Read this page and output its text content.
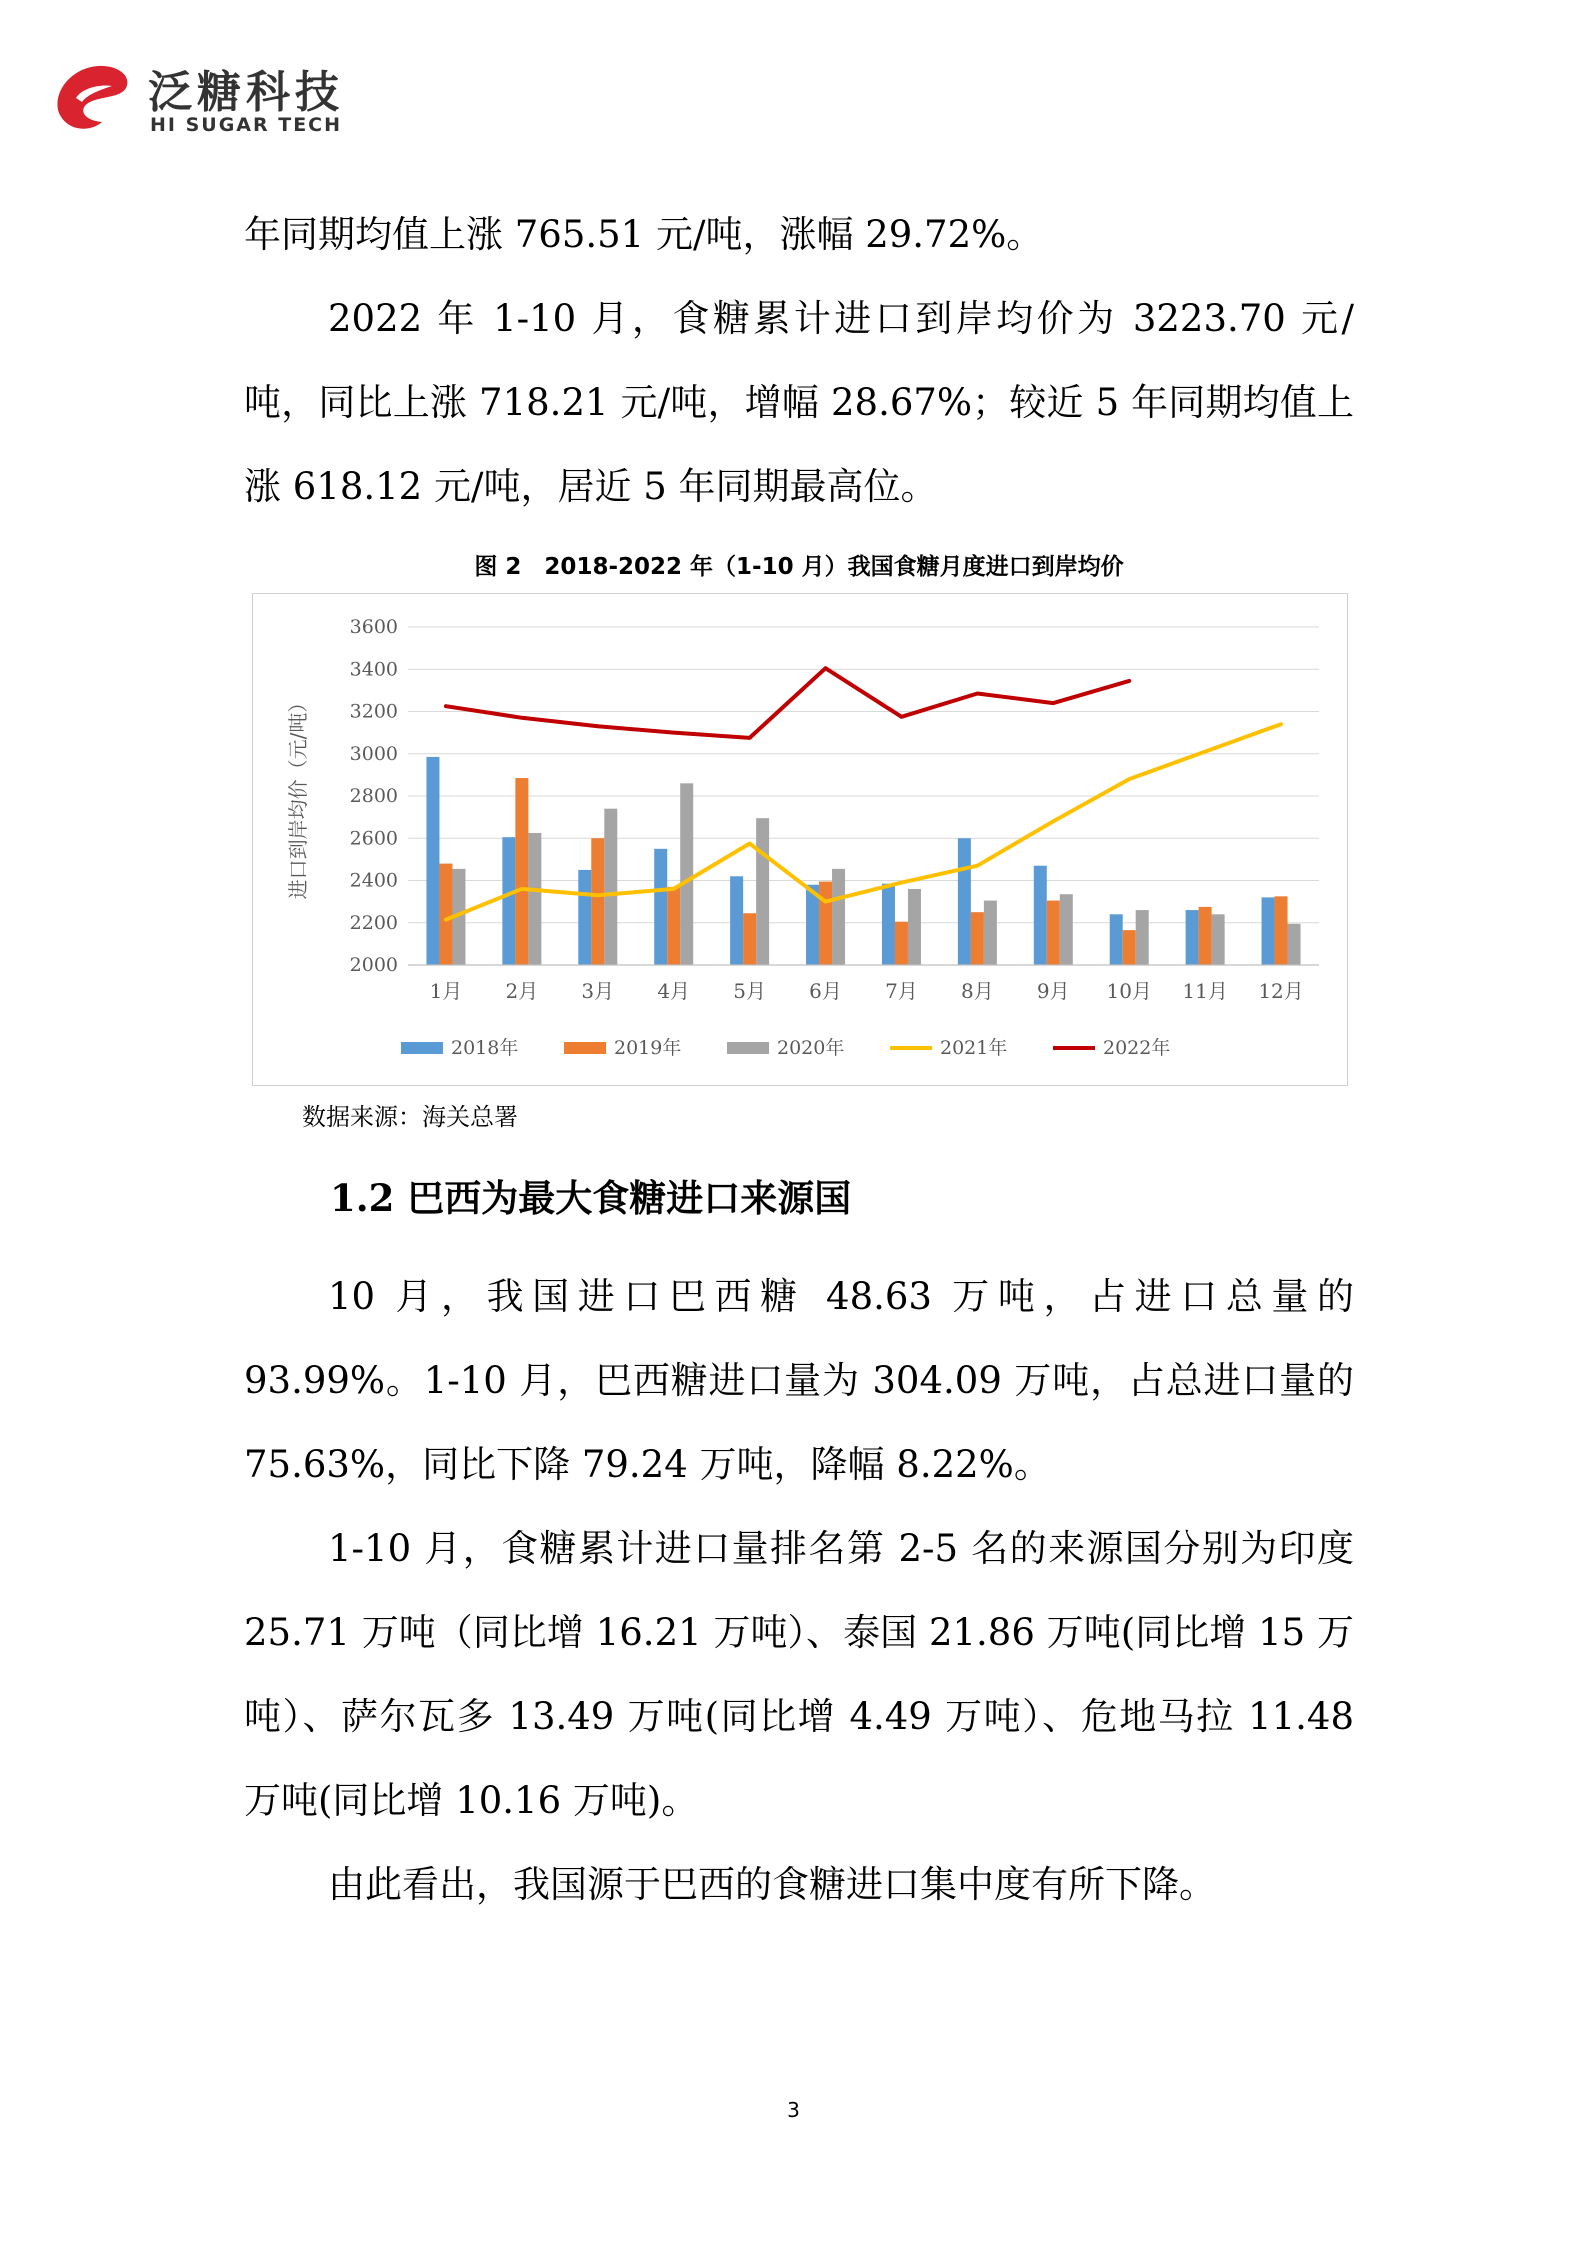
泛糖科技
HI SUGAR TECH

年同期均值上涨 765.51 元/吨，涨幅 29.72%。

2022 年 1-10 月，食糖累计进口到岸均价为 3223.70 元/吨，同比上涨 718.21 元/吨，增幅 28.67%；较近 5 年同期均值上涨 618.12 元/吨，居近 5 年同期最高位。

图 2　2018-2022 年（1-10 月）我国食糖月度进口到岸均价
2000
2200
2400
2600
2800
3000
3200
3400
3600
进口到岸均价（元/吨）
1月 2月 3月 4月 5月 6月 7月 8月 9月 10月 11月 12月
2018年	2019年	2020年	2021年	2022年
数据来源：海关总署
1.2 巴西为最大食糖进口来源国

10 月，我国进口巴西糖 48.63 万吨，占进口总量的 93.99%。1-10 月，巴西糖进口量为 304.09 万吨，占总进口量的 75.63%，同比下降 79.24 万吨，降幅 8.22%。

1-10 月，食糖累计进口量排名第 2-5 名的来源国分别为印度 25.71 万吨（同比增 16.21 万吨）、泰国 21.86 万吨(同比增 15 万吨）、萨尔瓦多 13.49 万吨(同比增 4.49 万吨）、危地马拉 11.48 万吨(同比增 10.16 万吨)。

由此看出，我国源于巴西的食糖进口集中度有所下降。

3
